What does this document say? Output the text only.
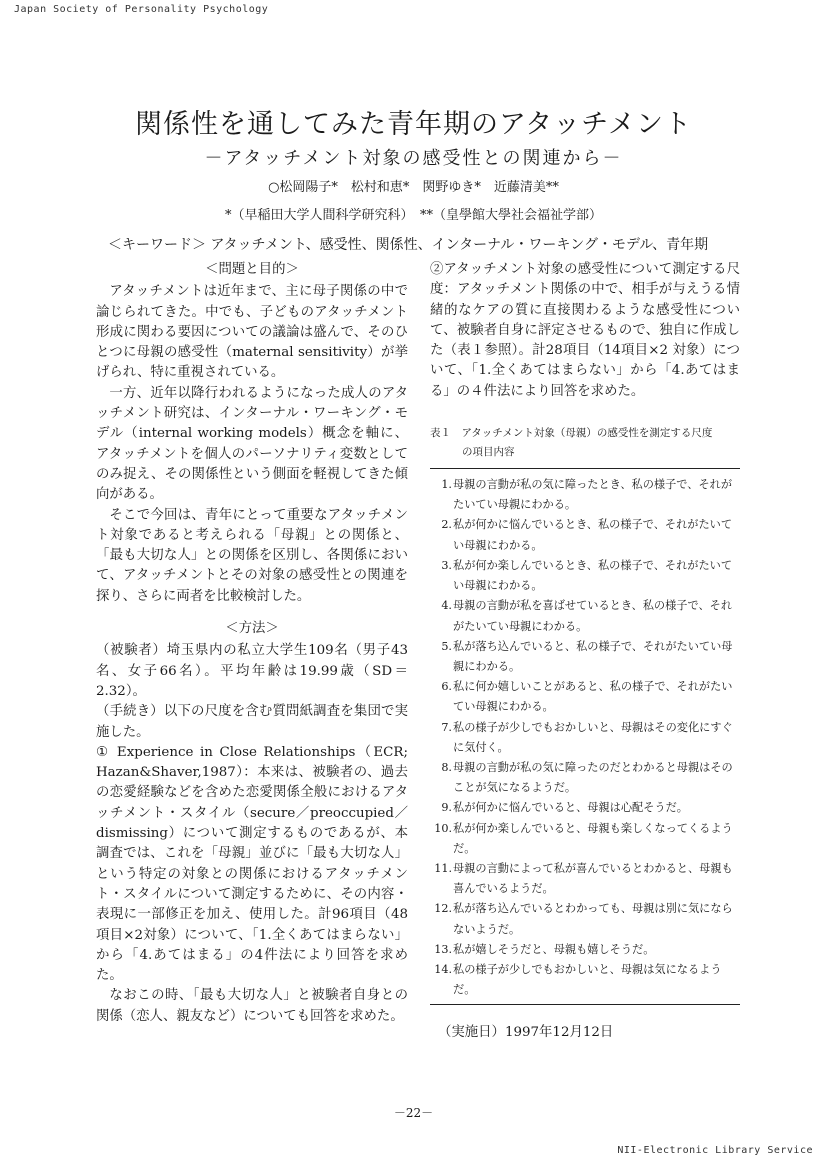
Japan Society of Personality Psychology
関係性を通してみた青年期のアタッチメント
－アタッチメント対象の感受性との関連から－
○松岡陽子*　松村和恵*　関野ゆき*　近藤清美**
*（早稲田大学人間科学研究科）　**（皇學館大學社会福祉学部）
＜キーワード＞ アタッチメント、感受性、関係性、インターナル・ワーキング・モデル、青年期
＜問題と目的＞

アタッチメントは近年まで、主に母子関係の中で論じられてきた。中でも、子どものアタッチメント形成に関わる要因についての議論は盛んで、そのひとつに母親の感受性（maternal sensitivity）が挙げられ、特に重視されている。

一方、近年以降行われるようになった成人のアタッチメント研究は、インターナル・ワーキング・モデル（internal working models）概念を軸に、アタッチメントを個人のパーソナリティ変数としてのみ捉え、その関係性という側面を軽視してきた傾向がある。

そこで今回は、青年にとって重要なアタッチメント対象であると考えられる「母親」との関係と、「最も大切な人」との関係を区別し、各関係において、アタッチメントとその対象の感受性との関連を探り、さらに両者を比較検討した。

＜方法＞

（被験者）埼玉県内の私立大学生109名（男子43名、女子66名）。平均年齢は19.99歳（SD＝2.32）。

（手続き）以下の尺度を含む質問紙調査を集団で実施した。

① Experience in Close Relationships（ECR; Hazan&Shaver,1987）：本来は、被験者の、過去の恋愛経験などを含めた恋愛関係全般におけるアタッチメント・スタイル（secure／preoccupied／dismissing）について測定するものであるが、本調査では、これを「母親」並びに「最も大切な人」という特定の対象との関係におけるアタッチメント・スタイルについて測定するために、その内容・表現に一部修正を加え、使用した。計96項目（48項目×2対象）について、「1.全くあてはまらない」から「4.あてはまる」の4件法により回答を求めた。

なおこの時、「最も大切な人」と被験者自身との関係（恋人、親友など）についても回答を求めた。

②アタッチメント対象の感受性について測定する尺度：アタッチメント関係の中で、相手が与えうる情緒的なケアの質に直接関わるような感受性について、被験者自身に評定させるもので、独自に作成した（表１参照）。計28項目（14項目×2 対象）について、「1.全くあてはまらない」から「4.あてはまる」の４件法により回答を求めた。

表１　アタッチメント対象（母親）の感受性を測定する尺度
の項目内容
1. 母親の言動が私の気に障ったとき、私の様子で、それがたいてい母親にわかる。
2. 私が何かに悩んでいるとき、私の様子で、それがたいてい母親にわかる。
3. 私が何か楽しんでいるとき、私の様子で、それがたいてい母親にわかる。
4. 母親の言動が私を喜ばせているとき、私の様子で、それがたいてい母親にわかる。
5. 私が落ち込んでいると、私の様子で、それがたいてい母親にわかる。
6. 私に何か嬉しいことがあると、私の様子で、それがたいてい母親にわかる。
7. 私の様子が少しでもおかしいと、母親はその変化にすぐに気付く。
8. 母親の言動が私の気に障ったのだとわかると母親はそのことが気になるようだ。
9. 私が何かに悩んでいると、母親は心配そうだ。
10. 私が何か楽しんでいると、母親も楽しくなってくるようだ。
11. 母親の言動によって私が喜んでいるとわかると、母親も喜んでいるようだ。
12. 私が落ち込んでいるとわかっても、母親は別に気にならないようだ。
13. 私が嬉しそうだと、母親も嬉しそうだ。
14. 私の様子が少しでもおかしいと、母親は気になるようだ。
（実施日）1997年12月12日
－22－
NII-Electronic Library Service
